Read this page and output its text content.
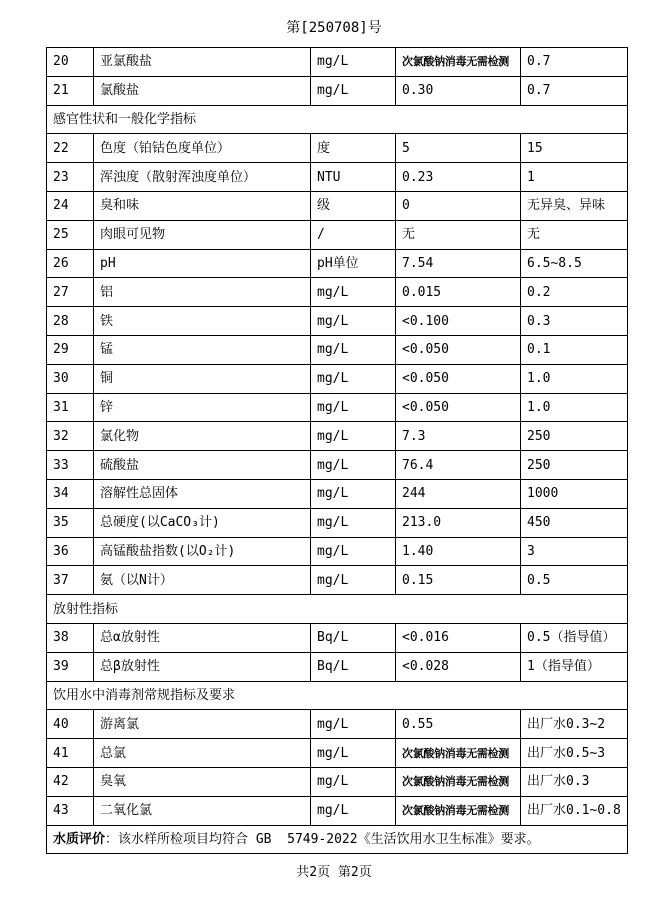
第[250708]号
20	亚氯酸盐	mg/L	次氯酸钠消毒无需检测	0.7
21	氯酸盐	mg/L	0.30	0.7
感官性状和一般化学指标				
22	色度（铂钴色度单位）	度	5	15
23	浑浊度（散射浑浊度单位）	NTU	0.23	1
24	臭和味	级	0	无异臭、异味
25	肉眼可见物	/	无	无
26	pH	pH单位	7.54	6.5~8.5
27	铝	mg/L	0.015	0.2
28	铁	mg/L	<0.100	0.3
29	锰	mg/L	<0.050	0.1
30	铜	mg/L	<0.050	1.0
31	锌	mg/L	<0.050	1.0
32	氯化物	mg/L	7.3	250
33	硫酸盐	mg/L	76.4	250
34	溶解性总固体	mg/L	244	1000
35	总硬度(以CaCO₃计)	mg/L	213.0	450
36	高锰酸盐指数(以O₂计)	mg/L	1.40	3
37	氨（以N计）	mg/L	0.15	0.5
放射性指标				
38	总α放射性	Bq/L	<0.016	0.5（指导值）
39	总β放射性	Bq/L	<0.028	1（指导值）
饮用水中消毒剂常规指标及要求				
40	游离氯	mg/L	0.55	出厂水0.3~2
41	总氯	mg/L	次氯酸钠消毒无需检测	出厂水0.5~3
42	臭氧	mg/L	次氯酸钠消毒无需检测	出厂水0.3
43	二氧化氯	mg/L	次氯酸钠消毒无需检测	出厂水0.1~0.8
水质评价：该水样所检项目均符合 GB  5749-2022《生活饮用水卫生标准》要求。				
共2页 第2页
